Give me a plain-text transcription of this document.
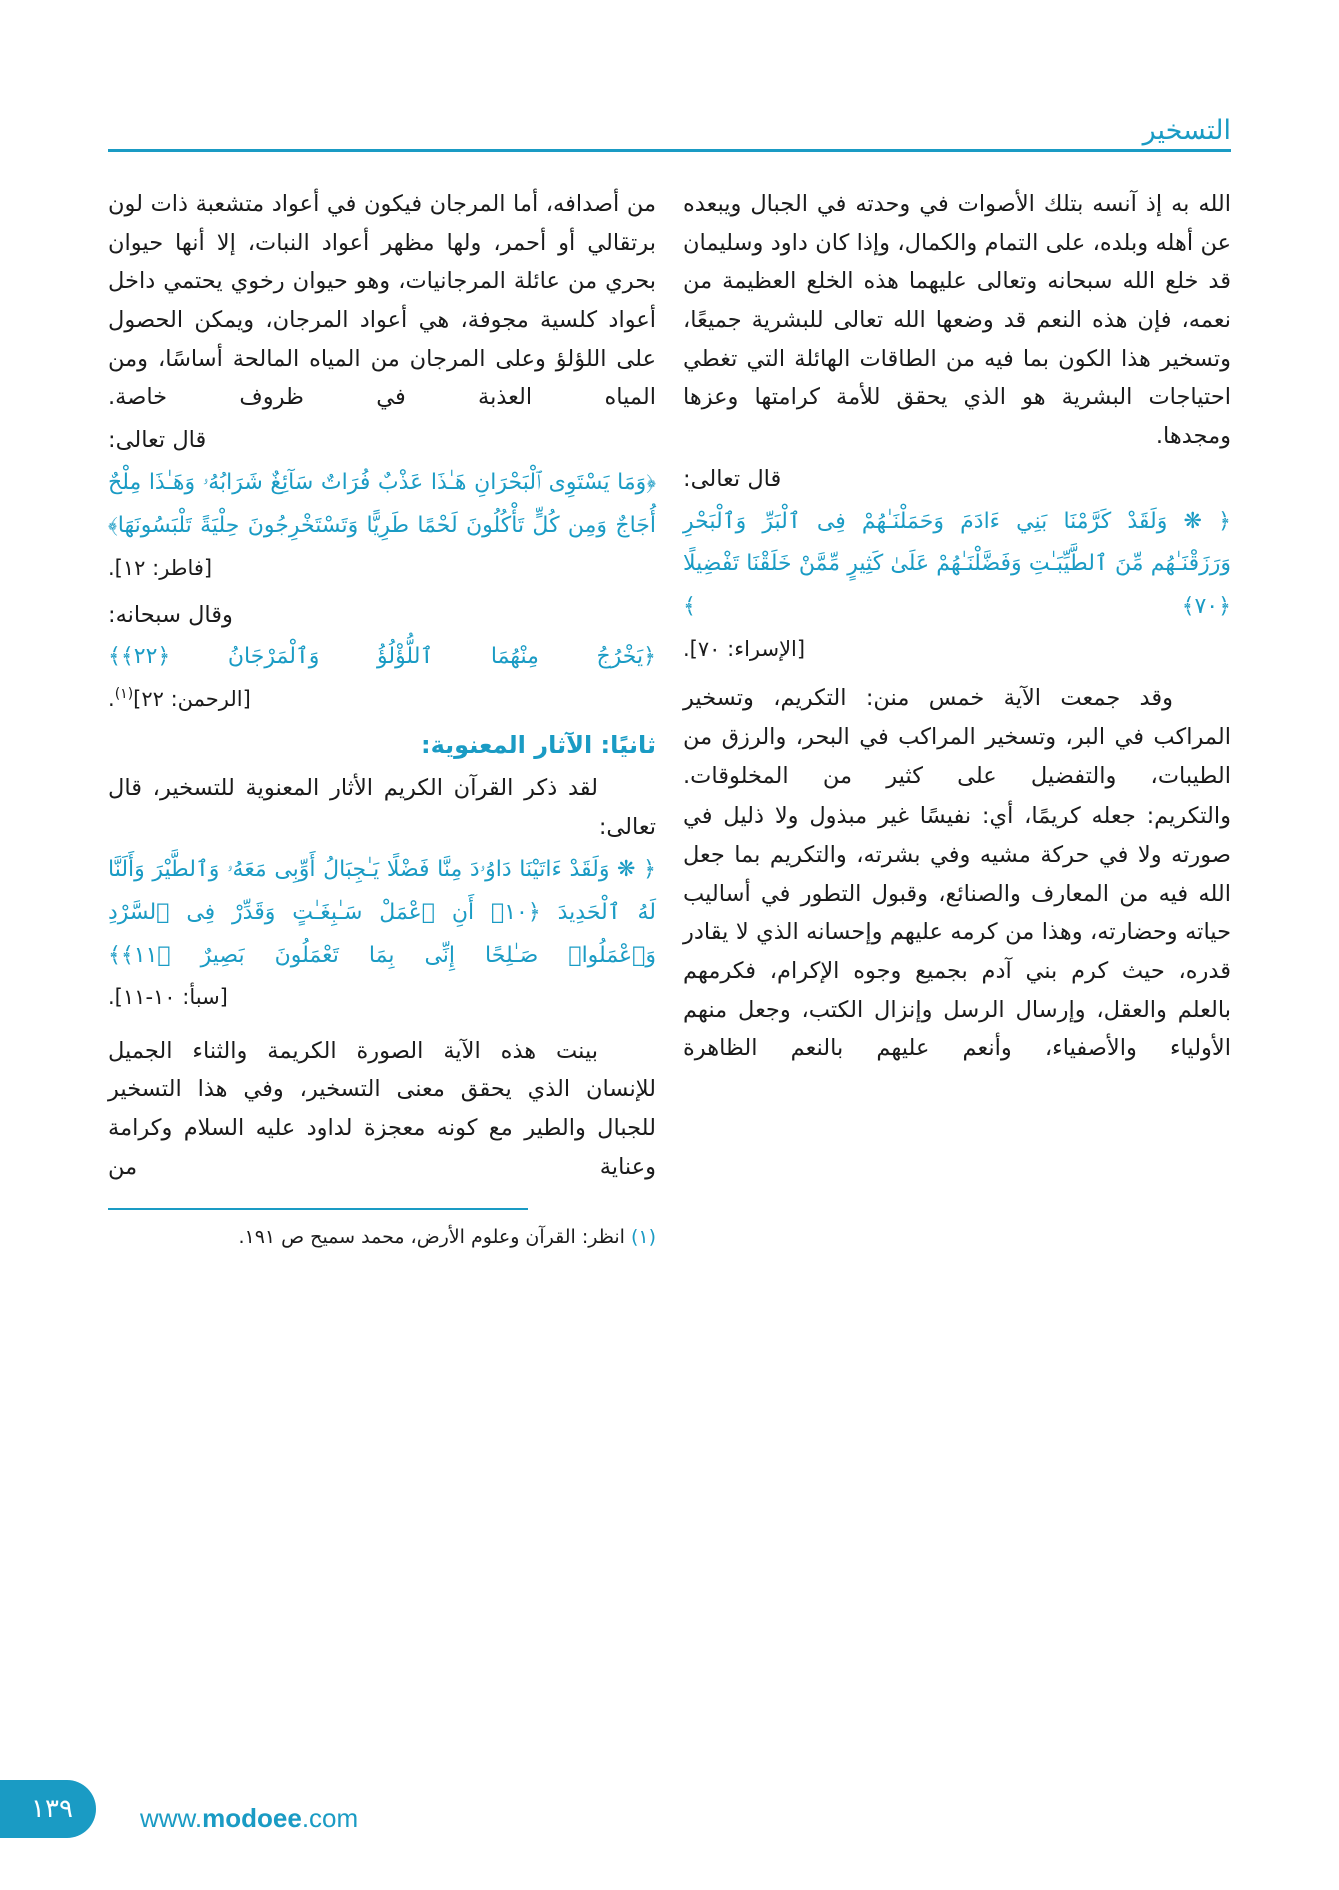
التسخير

الله به إذ آنسه بتلك الأصوات في وحدته في الجبال ويبعده عن أهله وبلده، على التمام والكمال، وإذا كان داود وسليمان قد خلع الله سبحانه وتعالى عليهما هذه الخلع العظيمة من نعمه، فإن هذه النعم قد وضعها الله تعالى للبشرية جميعًا، وتسخير هذا الكون بما فيه من الطاقات الهائلة التي تغطي احتياجات البشرية هو الذي يحقق للأمة كرامتها وعزها ومجدها.

قال تعالى:

﴿ ❋ وَلَقَدْ كَرَّمْنَا بَنِي ءَادَمَ وَحَمَلْنَـٰهُمْ فِى ٱلْبَرِّ وَٱلْبَحْرِ وَرَزَقْنَـٰهُم مِّنَ ٱلطَّيِّبَـٰتِ وَفَضَّلْنَـٰهُمْ عَلَىٰ كَثِيرٍ مِّمَّنْ خَلَقْنَا تَفْضِيلًا ﴿٧٠﴾ ﴾

[الإسراء: ٧٠].

وقد جمعت الآية خمس منن: التكريم، وتسخير المراكب في البر، وتسخير المراكب في البحر، والرزق من الطيبات، والتفضيل على كثير من المخلوقات.

والتكريم: جعله كريمًا، أي: نفيسًا غير مبذول ولا ذليل في صورته ولا في حركة مشيه وفي بشرته، والتكريم بما جعل الله فيه من المعارف والصنائع، وقبول التطور في أساليب حياته وحضارته، وهذا من كرمه عليهم وإحسانه الذي لا يقادر قدره، حيث كرم بني آدم بجميع وجوه الإكرام، فكرمهم بالعلم والعقل، وإرسال الرسل وإنزال الكتب، وجعل منهم الأولياء والأصفياء، وأنعم عليهم بالنعم الظاهرة

من أصدافه، أما المرجان فيكون في أعواد متشعبة ذات لون برتقالي أو أحمر، ولها مظهر أعواد النبات، إلا أنها حيوان بحري من عائلة المرجانيات، وهو حيوان رخوي يحتمي داخل أعواد كلسية مجوفة، هي أعواد المرجان، ويمكن الحصول على اللؤلؤ وعلى المرجان من المياه المالحة أساسًا، ومن المياه العذبة في ظروف خاصة.

قال تعالى:

﴿وَمَا يَسْتَوِى ٱلْبَحْرَانِ هَـٰذَا عَذْبٌ فُرَاتٌ سَآئِغٌ شَرَابُهُۥ وَهَـٰذَا مِلْحٌ أُجَاجٌ وَمِن كُلٍّ تَأْكُلُونَ لَحْمًا طَرِيًّا وَتَسْتَخْرِجُونَ حِلْيَةً تَلْبَسُونَهَا﴾

[فاطر: ١٢].

وقال سبحانه:

﴿يَخْرُجُ مِنْهُمَا ٱللُّؤْلُؤُ وَٱلْمَرْجَانُ ﴿٢٢﴾﴾

[الرحمن: ٢٢]$^{(١)}$.

ثانيًا: الآثار المعنوية:

لقد ذكر القرآن الكريم الأثار المعنوية للتسخير، قال تعالى:

﴿ ❋ وَلَقَدْ ءَاتَيْنَا دَاوُۥدَ مِنَّا فَضْلًا يَـٰجِبَالُ أَوِّبِى مَعَهُۥ وَٱلطَّيْرَ وَأَلَنَّا لَهُ ٱلْحَدِيدَ ﴿١٠﴾ أَنِ ٱعْمَلْ سَـٰبِغَـٰتٍ وَقَدِّرْ فِى ٱلسَّرْدِ وَٱعْمَلُوا۟ صَـٰلِحًا إِنِّى بِمَا تَعْمَلُونَ بَصِيرٌ ﴿١١﴾﴾

[سبأ: ١٠-١١].

بينت هذه الآية الصورة الكريمة والثناء الجميل للإنسان الذي يحقق معنى التسخير، وفي هذا التسخير للجبال والطير مع كونه معجزة لداود عليه السلام وكرامة وعناية من

(١) انظر: القرآن وعلوم الأرض، محمد سميح ص ١٩١.
١٣٩	www.modoee.com
